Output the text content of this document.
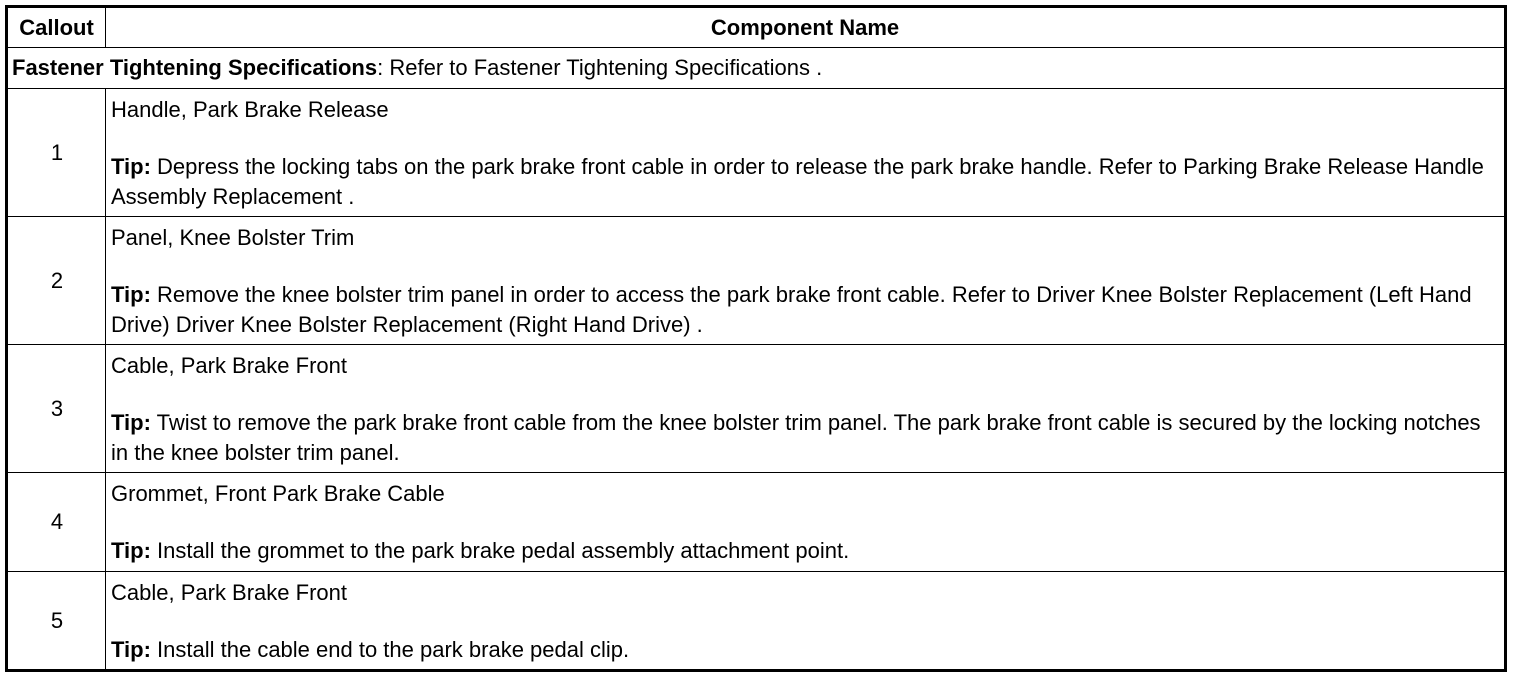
Callout	Component Name
Fastener Tightening Specifications: Refer to Fastener Tightening Specifications .	
1	Handle, Park Brake Release
Tip: Depress the locking tabs on the park brake front cable in order to release the park brake handle. Refer to Parking Brake Release Handle Assembly Replacement .
2	Panel, Knee Bolster Trim
Tip: Remove the knee bolster trim panel in order to access the park brake front cable. Refer to Driver Knee Bolster Replacement (Left Hand Drive) Driver Knee Bolster Replacement (Right Hand Drive) .
3	Cable, Park Brake Front
Tip: Twist to remove the park brake front cable from the knee bolster trim panel. The park brake front cable is secured by the locking notches in the knee bolster trim panel.
4	Grommet, Front Park Brake Cable
Tip: Install the grommet to the park brake pedal assembly attachment point.
5	Cable, Park Brake Front
Tip: Install the cable end to the park brake pedal clip.
